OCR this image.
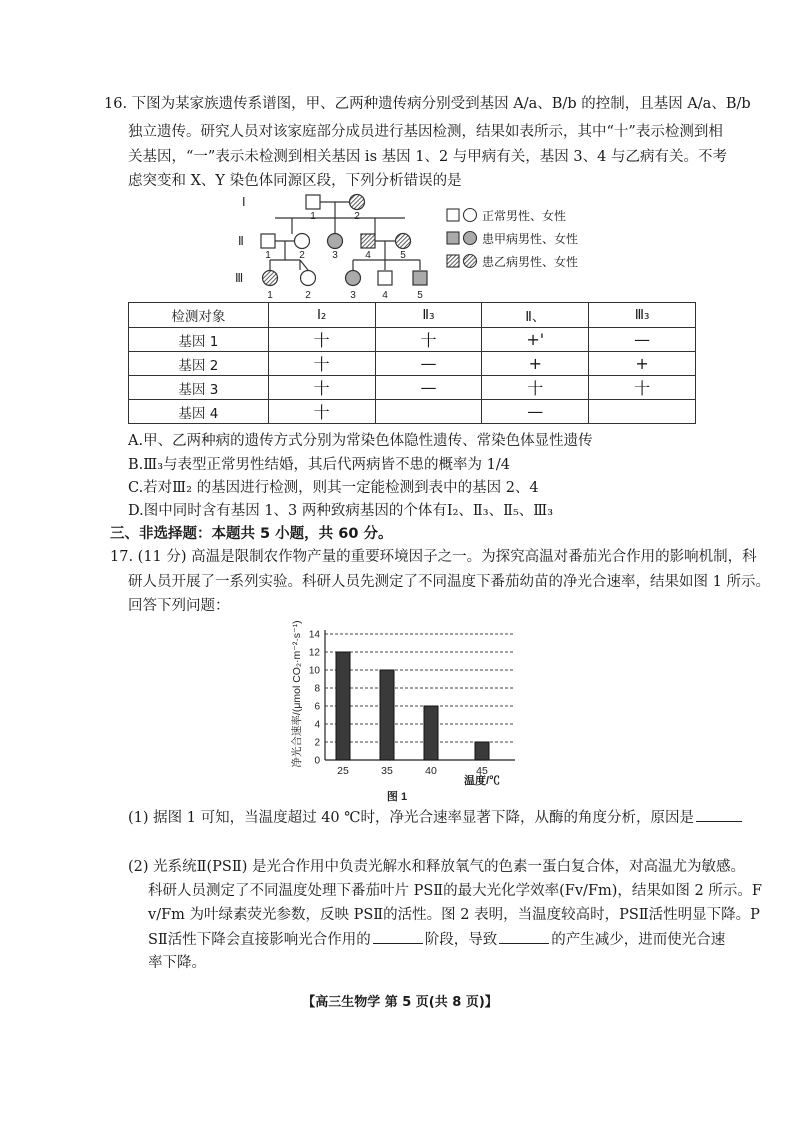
16. 下图为某家族遗传系谱图，甲、乙两种遗传病分别受到基因 A/a、B/b 的控制，且基因 A/a、B/b
独立遗传。研究人员对该家庭部分成员进行基因检测，结果如表所示，其中“十”表示检测到相
关基因，“一”表示未检测到相关基因 is 基因 1、2 与甲病有关，基因 3、4 与乙病有关。不考
虑突变和 X、Y 染色体同源区段，下列分析错误的是
Ⅰ
Ⅱ
Ⅲ
1	2
1	2	3	4	5
1	2	3	4	5
正常男性、女性
患甲病男性、女性
患乙病男性、女性
检测对象	I₂	Ⅱ₃	Ⅱ、	Ⅲ₃
基因 1	十	十	+'	—
基因 2	十	—	+	+
基因 3	十	—	十	十
基因 4	十		—	
A.甲、乙两种病的遗传方式分别为常染色体隐性遗传、常染色体显性遗传
B.Ⅲ₃与表型正常男性结婚，其后代两病皆不患的概率为 1/4
C.若对Ⅲ₂ 的基因进行检测，则其一定能检测到表中的基因 2、4
D.图中同时含有基因 1、3 两种致病基因的个体有Ⅰ₂、Ⅱ₃、Ⅱ₅、Ⅲ₃
三、非选择题：本题共 5 小题，共 60 分。
17. (11 分) 高温是限制农作物产量的重要环境因子之一。为探究高温对番茄光合作用的影响机制，科
研人员开展了一系列实验。科研人员先测定了不同温度下番茄幼苗的净光合速率，结果如图 1 所示。
回答下列问题：
净光合速率/(μmol CO₂·m⁻²·s⁻¹) 0
2
4
6
8
10
12
14
25	35	40	45
温度/℃
图 1
(1) 据图 1 可知，当温度超过 40 ℃时，净光合速率显著下降，从酶的角度分析，原因是
(2) 光系统Ⅱ(PSⅡ) 是光合作用中负责光解水和释放氧气的色素一蛋白复合体，对高温尤为敏感。
科研人员测定了不同温度处理下番茄叶片 PSⅡ的最大光化学效率(Fv/Fm)，结果如图 2 所示。F
v/Fm 为叶绿素荧光参数，反映 PSⅡ的活性。图 2 表明，当温度较高时，PSⅡ活性明显下降。P
SⅡ活性下降会直接影响光合作用的	阶段，导致	的产生减少，进而使光合速
率下降。
【高三生物学 第 5 页(共 8 页)】
